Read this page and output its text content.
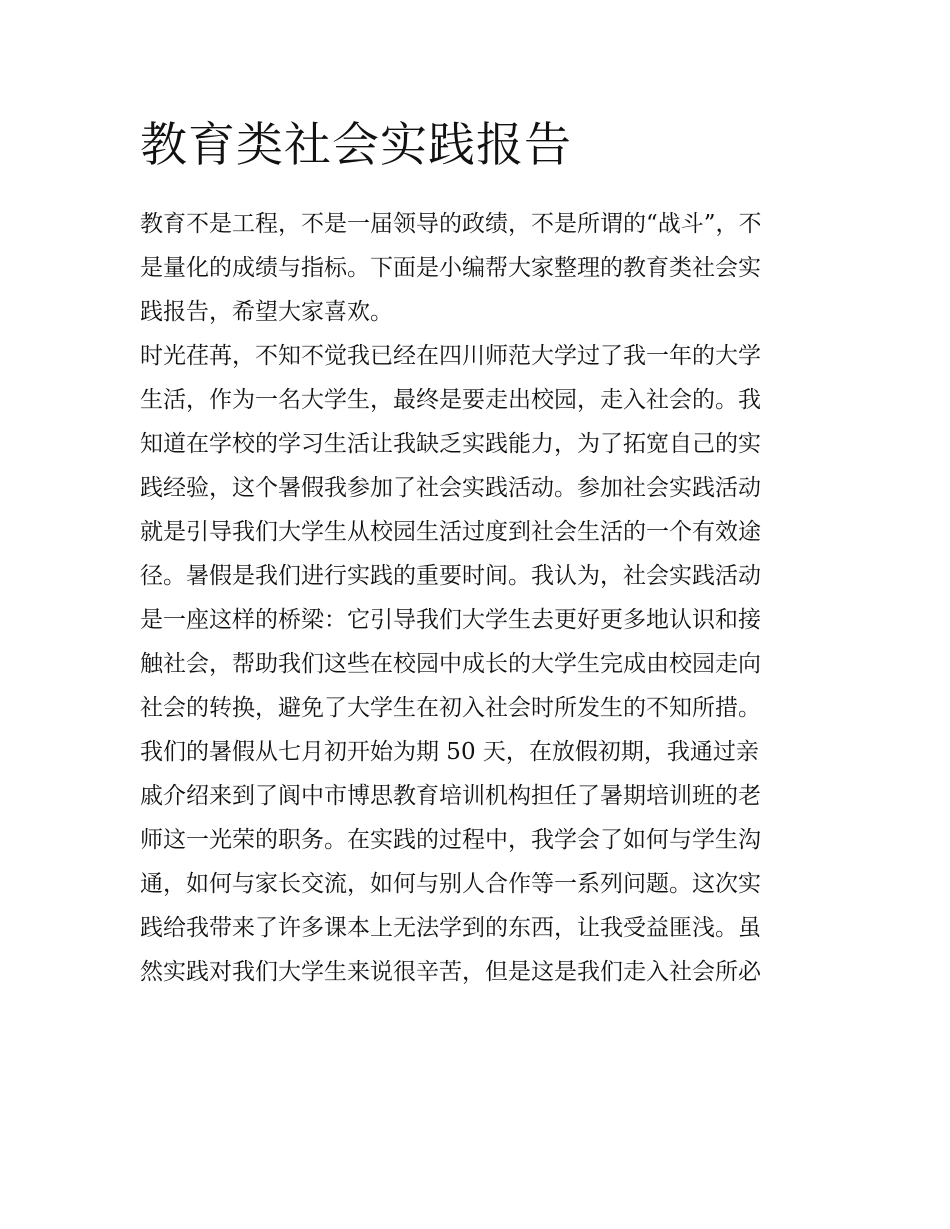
教育类社会实践报告

教育不是工程，不是一届领导的政绩，不是所谓的“战斗”，不

是量化的成绩与指标。下面是小编帮大家整理的教育类社会实

践报告，希望大家喜欢。

时光荏苒，不知不觉我已经在四川师范大学过了我一年的大学

生活，作为一名大学生，最终是要走出校园，走入社会的。我

知道在学校的学习生活让我缺乏实践能力，为了拓宽自己的实

践经验，这个暑假我参加了社会实践活动。参加社会实践活动

就是引导我们大学生从校园生活过度到社会生活的一个有效途

径。暑假是我们进行实践的重要时间。我认为，社会实践活动

是一座这样的桥梁：它引导我们大学生去更好更多地认识和接

触社会，帮助我们这些在校园中成长的大学生完成由校园走向

社会的转换，避免了大学生在初入社会时所发生的不知所措。

我们的暑假从七月初开始为期 50 天，在放假初期，我通过亲

戚介绍来到了阆中市博思教育培训机构担任了暑期培训班的老

师这一光荣的职务。在实践的过程中，我学会了如何与学生沟

通，如何与家长交流，如何与别人合作等一系列问题。这次实

践给我带来了许多课本上无法学到的东西，让我受益匪浅。虽

然实践对我们大学生来说很辛苦，但是这是我们走入社会所必
